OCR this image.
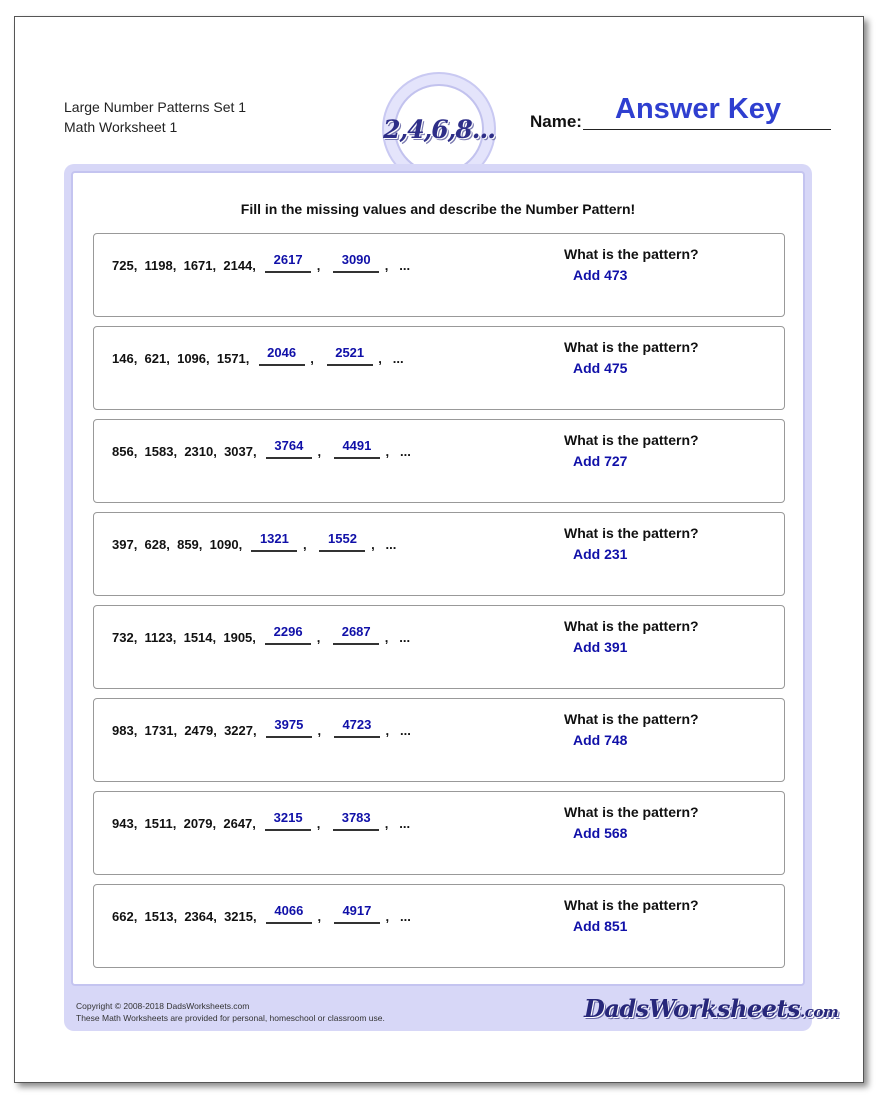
Large Number Patterns Set 1
Math Worksheet 1	2,4,6,8... Name: Answer Key
Fill in the missing values and describe the Number Pattern!
725 , 1198 , 1671 , 2144 , 2617 , 3090 , ...
What is the pattern?
Add 473
146 , 621 , 1096 , 1571 , 2046 , 2521 , ...
What is the pattern?
Add 475
856 , 1583 , 2310 , 3037 , 3764 , 4491 , ...
What is the pattern?
Add 727
397 , 628 , 859 , 1090 , 1321 , 1552 , ...
What is the pattern?
Add 231
732 , 1123 , 1514 , 1905 , 2296 , 2687 , ...
What is the pattern?
Add 391
983 , 1731 , 2479 , 3227 , 3975 , 4723 , ...
What is the pattern?
Add 748
943 , 1511 , 2079 , 2647 , 3215 , 3783 , ...
What is the pattern?
Add 568
662 , 1513 , 2364 , 3215 , 4066 , 4917 , ...
What is the pattern?
Add 851
Copyright © 2008-2018 DadsWorksheets.com
These Math Worksheets are provided for personal, homeschool or classroom use.	DadsWorksheets.com
